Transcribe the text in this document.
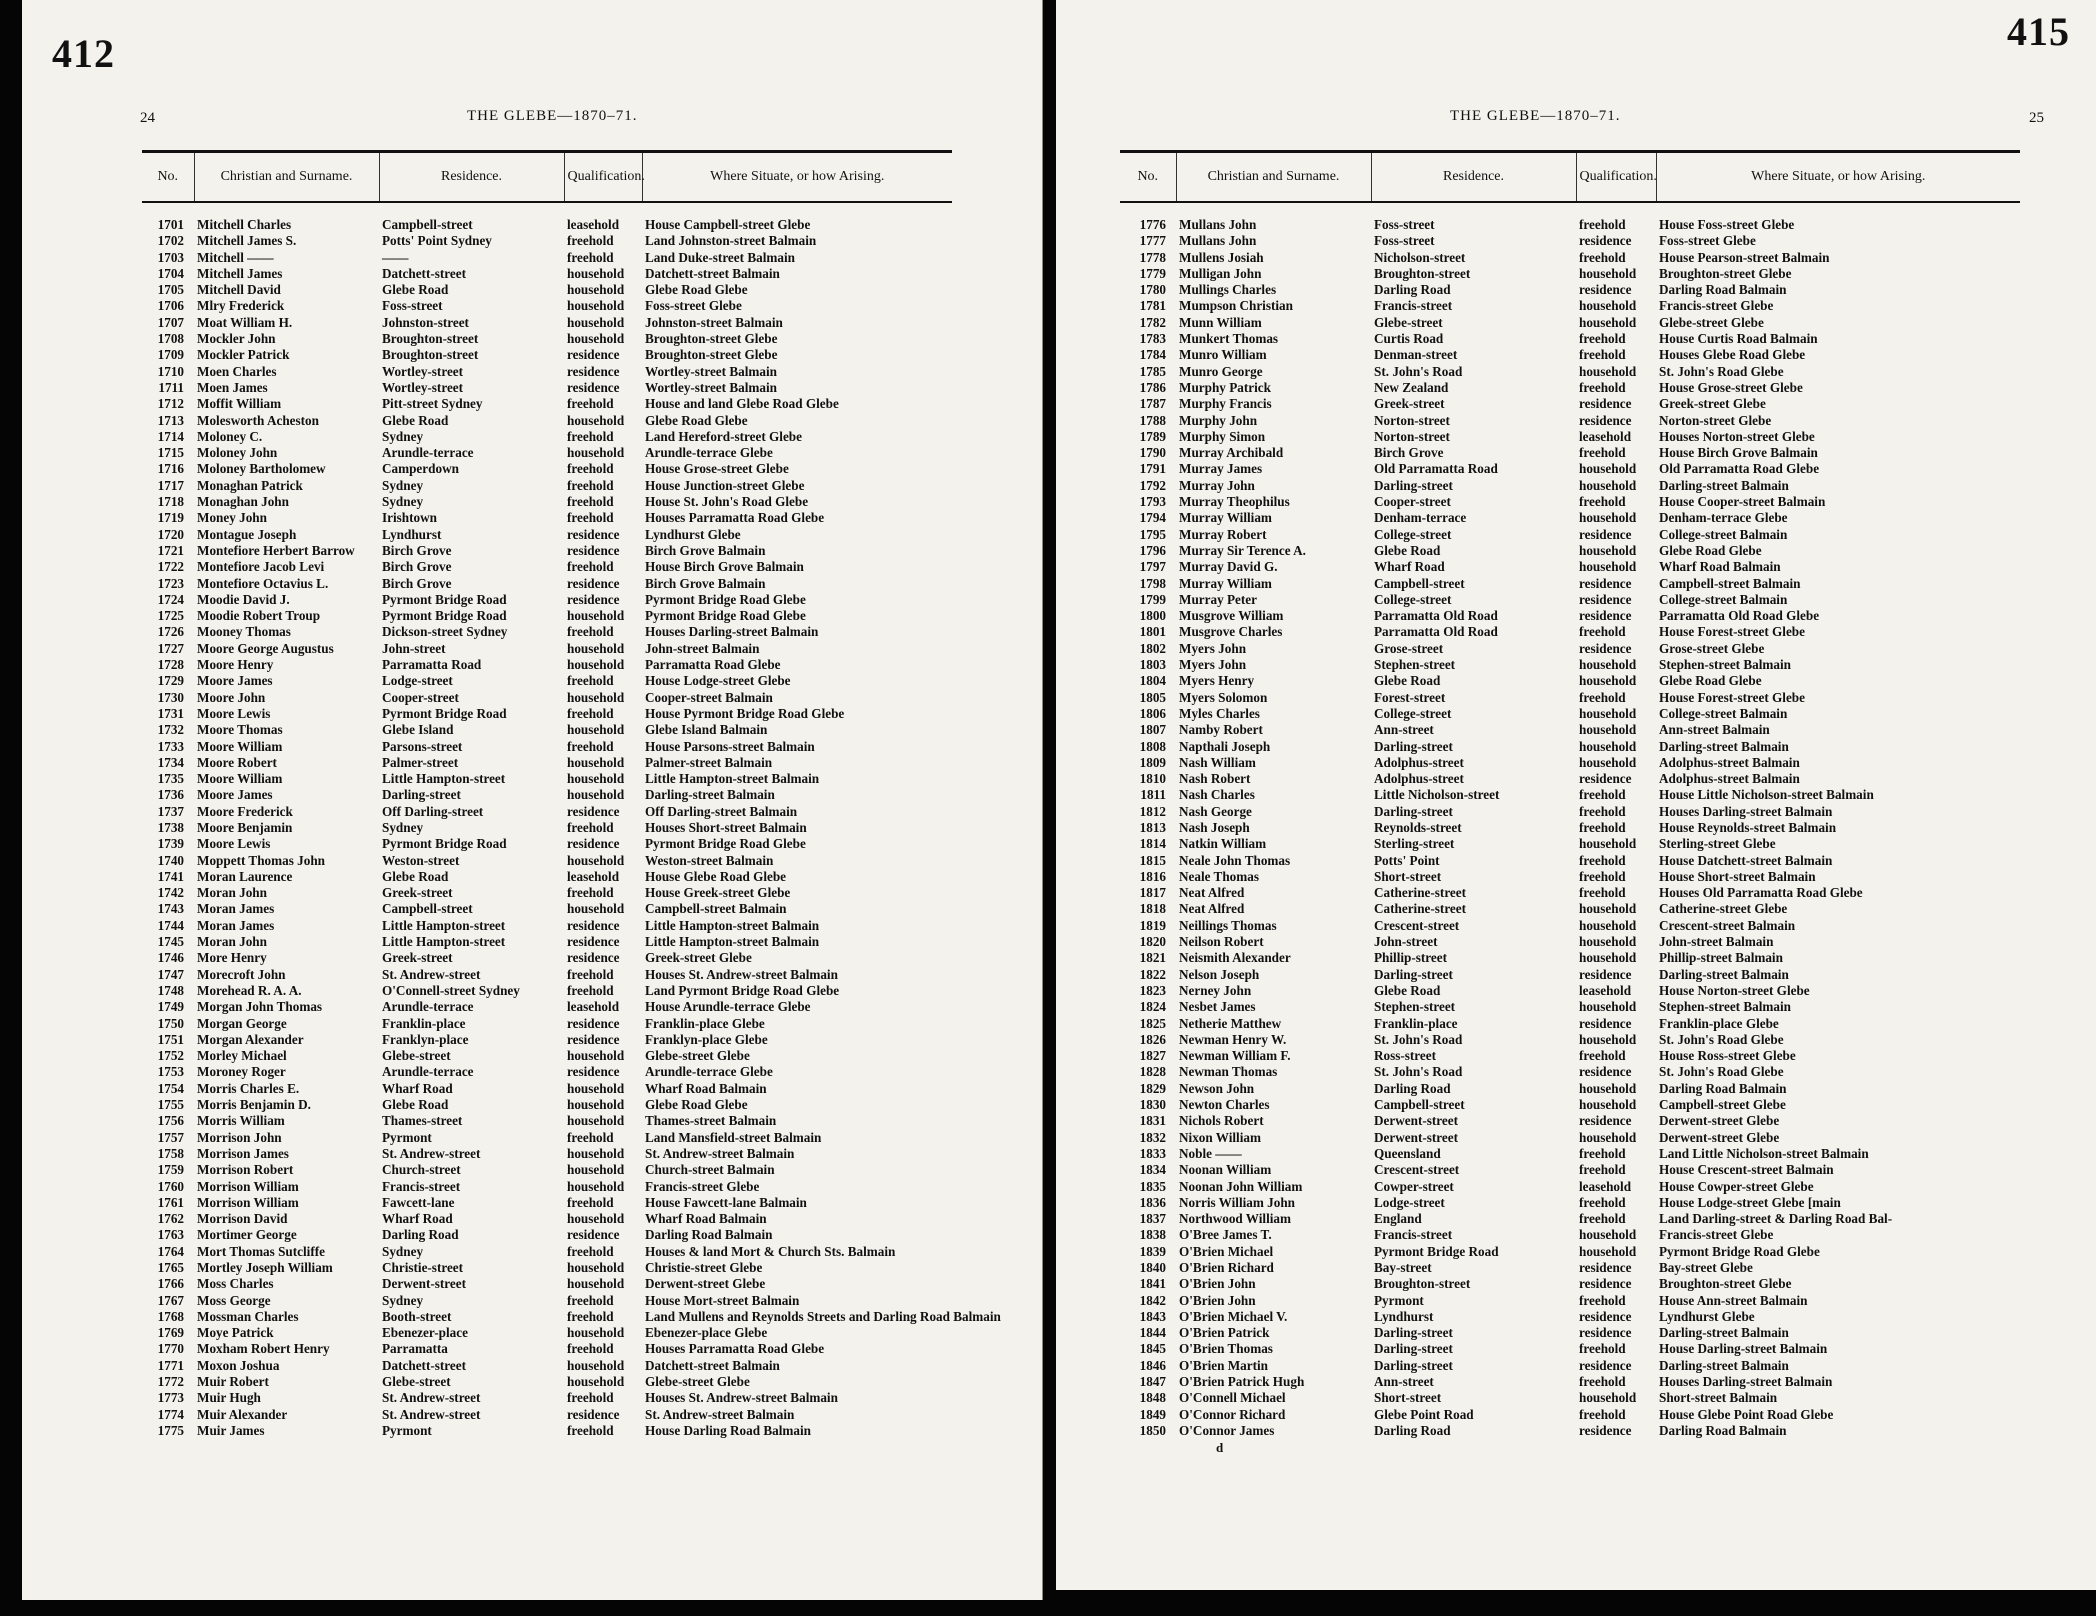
412
24	THE GLEBE—1870–71.
No.	Christian and Surname.	Residence.	Qualification.	Where Situate, or how Arising.
1701	Mitchell Charles	Campbell-street	leasehold	House Campbell-street Glebe
1702	Mitchell James S.	Potts' Point Sydney	freehold	Land Johnston-street Balmain
1703	Mitchell ——	——	freehold	Land Duke-street Balmain
1704	Mitchell James	Datchett-street	household	Datchett-street Balmain
1705	Mitchell David	Glebe Road	household	Glebe Road Glebe
1706	Mlry Frederick	Foss-street	household	Foss-street Glebe
1707	Moat William H.	Johnston-street	household	Johnston-street Balmain
1708	Mockler John	Broughton-street	household	Broughton-street Glebe
1709	Mockler Patrick	Broughton-street	residence	Broughton-street Glebe
1710	Moen Charles	Wortley-street	residence	Wortley-street Balmain
1711	Moen James	Wortley-street	residence	Wortley-street Balmain
1712	Moffit William	Pitt-street Sydney	freehold	House and land Glebe Road Glebe
1713	Molesworth Acheston	Glebe Road	household	Glebe Road Glebe
1714	Moloney C.	Sydney	freehold	Land Hereford-street Glebe
1715	Moloney John	Arundle-terrace	household	Arundle-terrace Glebe
1716	Moloney Bartholomew	Camperdown	freehold	House Grose-street Glebe
1717	Monaghan Patrick	Sydney	freehold	House Junction-street Glebe
1718	Monaghan John	Sydney	freehold	House St. John's Road Glebe
1719	Money John	Irishtown	freehold	Houses Parramatta Road Glebe
1720	Montague Joseph	Lyndhurst	residence	Lyndhurst Glebe
1721	Montefiore Herbert Barrow	Birch Grove	residence	Birch Grove Balmain
1722	Montefiore Jacob Levi	Birch Grove	freehold	House Birch Grove Balmain
1723	Montefiore Octavius L.	Birch Grove	residence	Birch Grove Balmain
1724	Moodie David J.	Pyrmont Bridge Road	residence	Pyrmont Bridge Road Glebe
1725	Moodie Robert Troup	Pyrmont Bridge Road	household	Pyrmont Bridge Road Glebe
1726	Mooney Thomas	Dickson-street Sydney	freehold	Houses Darling-street Balmain
1727	Moore George Augustus	John-street	household	John-street Balmain
1728	Moore Henry	Parramatta Road	household	Parramatta Road Glebe
1729	Moore James	Lodge-street	freehold	House Lodge-street Glebe
1730	Moore John	Cooper-street	household	Cooper-street Balmain
1731	Moore Lewis	Pyrmont Bridge Road	freehold	House Pyrmont Bridge Road Glebe
1732	Moore Thomas	Glebe Island	household	Glebe Island Balmain
1733	Moore William	Parsons-street	freehold	House Parsons-street Balmain
1734	Moore Robert	Palmer-street	household	Palmer-street Balmain
1735	Moore William	Little Hampton-street	household	Little Hampton-street Balmain
1736	Moore James	Darling-street	household	Darling-street Balmain
1737	Moore Frederick	Off Darling-street	residence	Off Darling-street Balmain
1738	Moore Benjamin	Sydney	freehold	Houses Short-street Balmain
1739	Moore Lewis	Pyrmont Bridge Road	residence	Pyrmont Bridge Road Glebe
1740	Moppett Thomas John	Weston-street	household	Weston-street Balmain
1741	Moran Laurence	Glebe Road	leasehold	House Glebe Road Glebe
1742	Moran John	Greek-street	freehold	House Greek-street Glebe
1743	Moran James	Campbell-street	household	Campbell-street Balmain
1744	Moran James	Little Hampton-street	residence	Little Hampton-street Balmain
1745	Moran John	Little Hampton-street	residence	Little Hampton-street Balmain
1746	More Henry	Greek-street	residence	Greek-street Glebe
1747	Morecroft John	St. Andrew-street	freehold	Houses St. Andrew-street Balmain
1748	Morehead R. A. A.	O'Connell-street Sydney	freehold	Land Pyrmont Bridge Road Glebe
1749	Morgan John Thomas	Arundle-terrace	leasehold	House Arundle-terrace Glebe
1750	Morgan George	Franklin-place	residence	Franklin-place Glebe
1751	Morgan Alexander	Franklyn-place	residence	Franklyn-place Glebe
1752	Morley Michael	Glebe-street	household	Glebe-street Glebe
1753	Moroney Roger	Arundle-terrace	residence	Arundle-terrace Glebe
1754	Morris Charles E.	Wharf Road	household	Wharf Road Balmain
1755	Morris Benjamin D.	Glebe Road	household	Glebe Road Glebe
1756	Morris William	Thames-street	household	Thames-street Balmain
1757	Morrison John	Pyrmont	freehold	Land Mansfield-street Balmain
1758	Morrison James	St. Andrew-street	household	St. Andrew-street Balmain
1759	Morrison Robert	Church-street	household	Church-street Balmain
1760	Morrison William	Francis-street	household	Francis-street Glebe
1761	Morrison William	Fawcett-lane	freehold	House Fawcett-lane Balmain
1762	Morrison David	Wharf Road	household	Wharf Road Balmain
1763	Mortimer George	Darling Road	residence	Darling Road Balmain
1764	Mort Thomas Sutcliffe	Sydney	freehold	Houses & land Mort & Church Sts. Balmain
1765	Mortley Joseph William	Christie-street	household	Christie-street Glebe
1766	Moss Charles	Derwent-street	household	Derwent-street Glebe
1767	Moss George	Sydney	freehold	House Mort-street Balmain
1768	Mossman Charles	Booth-street	freehold	Land Mullens and Reynolds Streets and Darling Road Balmain
1769	Moye Patrick	Ebenezer-place	household	Ebenezer-place Glebe
1770	Moxham Robert Henry	Parramatta	freehold	Houses Parramatta Road Glebe
1771	Moxon Joshua	Datchett-street	household	Datchett-street Balmain
1772	Muir Robert	Glebe-street	household	Glebe-street Glebe
1773	Muir Hugh	St. Andrew-street	freehold	Houses St. Andrew-street Balmain
1774	Muir Alexander	St. Andrew-street	residence	St. Andrew-street Balmain
1775	Muir James	Pyrmont	freehold	House Darling Road Balmain
415
25
THE GLEBE—1870–71.
No.	Christian and Surname.	Residence.	Qualification.	Where Situate, or how Arising.
1776	Mullans John	Foss-street	freehold	House Foss-street Glebe
1777	Mullans John	Foss-street	residence	Foss-street Glebe
1778	Mullens Josiah	Nicholson-street	freehold	House Pearson-street Balmain
1779	Mulligan John	Broughton-street	household	Broughton-street Glebe
1780	Mullings Charles	Darling Road	residence	Darling Road Balmain
1781	Mumpson Christian	Francis-street	household	Francis-street Glebe
1782	Munn William	Glebe-street	household	Glebe-street Glebe
1783	Munkert Thomas	Curtis Road	freehold	House Curtis Road Balmain
1784	Munro William	Denman-street	freehold	Houses Glebe Road Glebe
1785	Munro George	St. John's Road	household	St. John's Road Glebe
1786	Murphy Patrick	New Zealand	freehold	House Grose-street Glebe
1787	Murphy Francis	Greek-street	residence	Greek-street Glebe
1788	Murphy John	Norton-street	residence	Norton-street Glebe
1789	Murphy Simon	Norton-street	leasehold	Houses Norton-street Glebe
1790	Murray Archibald	Birch Grove	freehold	House Birch Grove Balmain
1791	Murray James	Old Parramatta Road	household	Old Parramatta Road Glebe
1792	Murray John	Darling-street	household	Darling-street Balmain
1793	Murray Theophilus	Cooper-street	freehold	House Cooper-street Balmain
1794	Murray William	Denham-terrace	household	Denham-terrace Glebe
1795	Murray Robert	College-street	residence	College-street Balmain
1796	Murray Sir Terence A.	Glebe Road	household	Glebe Road Glebe
1797	Murray David G.	Wharf Road	household	Wharf Road Balmain
1798	Murray William	Campbell-street	residence	Campbell-street Balmain
1799	Murray Peter	College-street	residence	College-street Balmain
1800	Musgrove William	Parramatta Old Road	residence	Parramatta Old Road Glebe
1801	Musgrove Charles	Parramatta Old Road	freehold	House Forest-street Glebe
1802	Myers John	Grose-street	residence	Grose-street Glebe
1803	Myers John	Stephen-street	household	Stephen-street Balmain
1804	Myers Henry	Glebe Road	household	Glebe Road Glebe
1805	Myers Solomon	Forest-street	freehold	House Forest-street Glebe
1806	Myles Charles	College-street	household	College-street Balmain
1807	Namby Robert	Ann-street	household	Ann-street Balmain
1808	Napthali Joseph	Darling-street	household	Darling-street Balmain
1809	Nash William	Adolphus-street	household	Adolphus-street Balmain
1810	Nash Robert	Adolphus-street	residence	Adolphus-street Balmain
1811	Nash Charles	Little Nicholson-street	freehold	House Little Nicholson-street Balmain
1812	Nash George	Darling-street	freehold	Houses Darling-street Balmain
1813	Nash Joseph	Reynolds-street	freehold	House Reynolds-street Balmain
1814	Natkin William	Sterling-street	household	Sterling-street Glebe
1815	Neale John Thomas	Potts' Point	freehold	House Datchett-street Balmain
1816	Neale Thomas	Short-street	freehold	House Short-street Balmain
1817	Neat Alfred	Catherine-street	freehold	Houses Old Parramatta Road Glebe
1818	Neat Alfred	Catherine-street	household	Catherine-street Glebe
1819	Neillings Thomas	Crescent-street	household	Crescent-street Balmain
1820	Neilson Robert	John-street	household	John-street Balmain
1821	Neismith Alexander	Phillip-street	household	Phillip-street Balmain
1822	Nelson Joseph	Darling-street	residence	Darling-street Balmain
1823	Nerney John	Glebe Road	leasehold	House Norton-street Glebe
1824	Nesbet James	Stephen-street	household	Stephen-street Balmain
1825	Netherie Matthew	Franklin-place	residence	Franklin-place Glebe
1826	Newman Henry W.	St. John's Road	household	St. John's Road Glebe
1827	Newman William F.	Ross-street	freehold	House Ross-street Glebe
1828	Newman Thomas	St. John's Road	residence	St. John's Road Glebe
1829	Newson John	Darling Road	household	Darling Road Balmain
1830	Newton Charles	Campbell-street	household	Campbell-street Glebe
1831	Nichols Robert	Derwent-street	residence	Derwent-street Glebe
1832	Nixon William	Derwent-street	household	Derwent-street Glebe
1833	Noble ——	Queensland	freehold	Land Little Nicholson-street Balmain
1834	Noonan William	Crescent-street	freehold	House Crescent-street Balmain
1835	Noonan John William	Cowper-street	leasehold	House Cowper-street Glebe
1836	Norris William John	Lodge-street	freehold	House Lodge-street Glebe [main
1837	Northwood William	England	freehold	Land Darling-street & Darling Road Bal-
1838	O'Bree James T.	Francis-street	household	Francis-street Glebe
1839	O'Brien Michael	Pyrmont Bridge Road	household	Pyrmont Bridge Road Glebe
1840	O'Brien Richard	Bay-street	residence	Bay-street Glebe
1841	O'Brien John	Broughton-street	residence	Broughton-street Glebe
1842	O'Brien John	Pyrmont	freehold	House Ann-street Balmain
1843	O'Brien Michael V.	Lyndhurst	residence	Lyndhurst Glebe
1844	O'Brien Patrick	Darling-street	residence	Darling-street Balmain
1845	O'Brien Thomas	Darling-street	freehold	House Darling-street Balmain
1846	O'Brien Martin	Darling-street	residence	Darling-street Balmain
1847	O'Brien Patrick Hugh	Ann-street	freehold	Houses Darling-street Balmain
1848	O'Connell Michael	Short-street	household	Short-street Balmain
1849	O'Connor Richard	Glebe Point Road	freehold	House Glebe Point Road Glebe
1850	O'Connor James	Darling Road	residence	Darling Road Balmain
	d			
